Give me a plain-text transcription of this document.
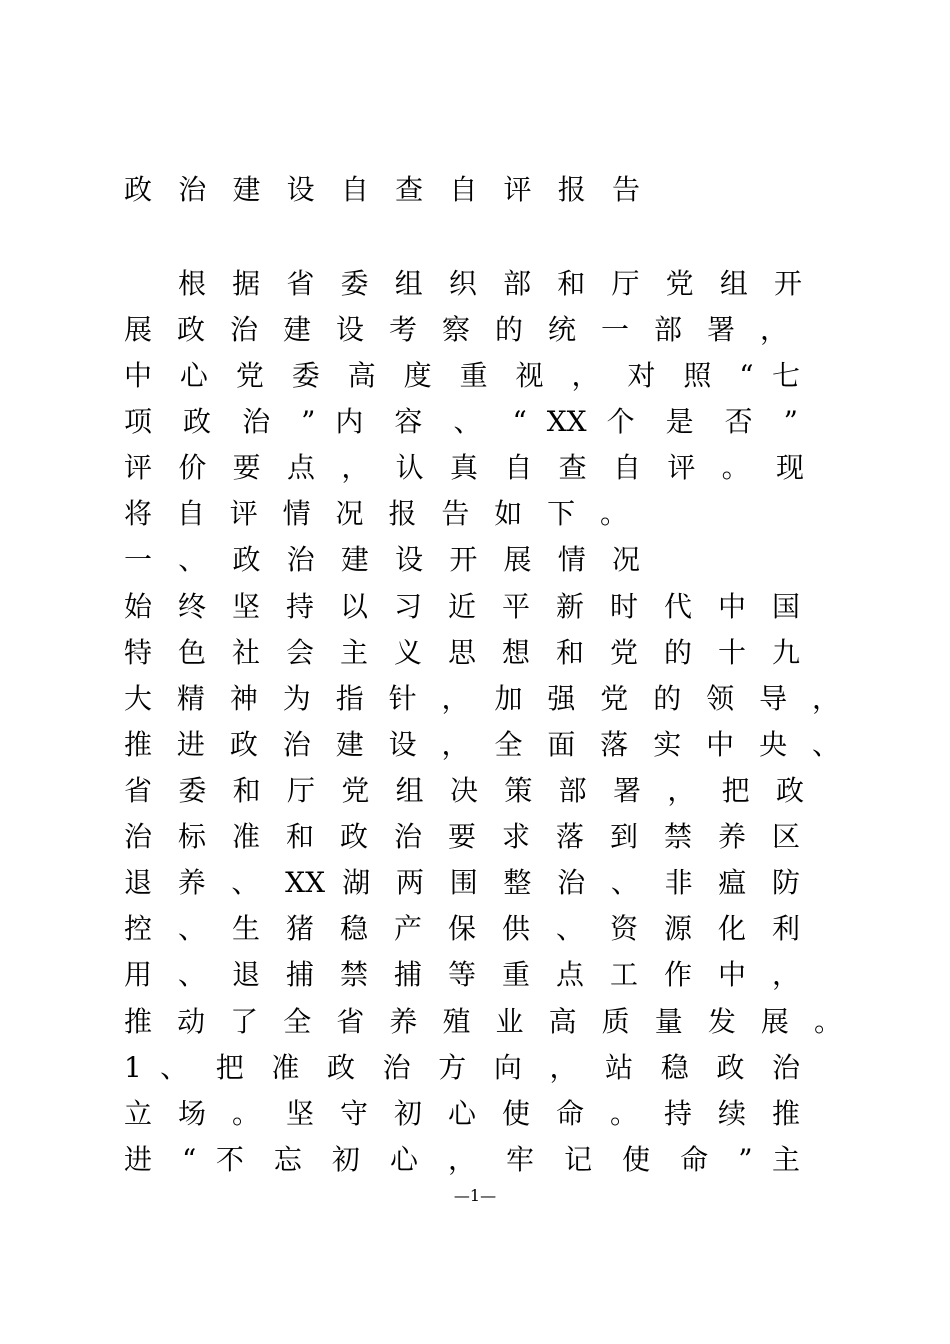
政 治 建 设 自 查 自 评 报 告
根 据 省 委 组 织 部 和 厅 党 组 开
展 政 治 建 设 考 察 的 统 一 部 署 ，
中 心 党 委 高 度 重 视 ， 对 照 “ 七
项 政 治 ” 内 容 、 “ XX 个 是 否 ”
评 价 要 点 ， 认 真 自 查 自 评 。 现
将 自 评 情 况 报 告 如 下 。
一 、 政 治 建 设 开 展 情 况
始 终 坚 持 以 习 近 平 新 时 代 中 国
特 色 社 会 主 义 思 想 和 党 的 十 九
大 精 神 为 指 针 ， 加 强 党 的 领 导 ，
推 进 政 治 建 设 ， 全 面 落 实 中 央 、
省 委 和 厅 党 组 决 策 部 署 ， 把 政
治 标 准 和 政 治 要 求 落 到 禁 养 区
退 养 、 XX 湖 两 围 整 治 、 非 瘟 防
控 、 生 猪 稳 产 保 供 、 资 源 化 利
用 、 退 捕 禁 捕 等 重 点 工 作 中 ，
推 动 了 全 省 养 殖 业 高 质 量 发 展 。
1 、 把 准 政 治 方 向 ， 站 稳 政 治
立 场 。 坚 守 初 心 使 命 。 持 续 推
进 “ 不 忘 初 心 ， 牢 记 使 命 ” 主
—1—
